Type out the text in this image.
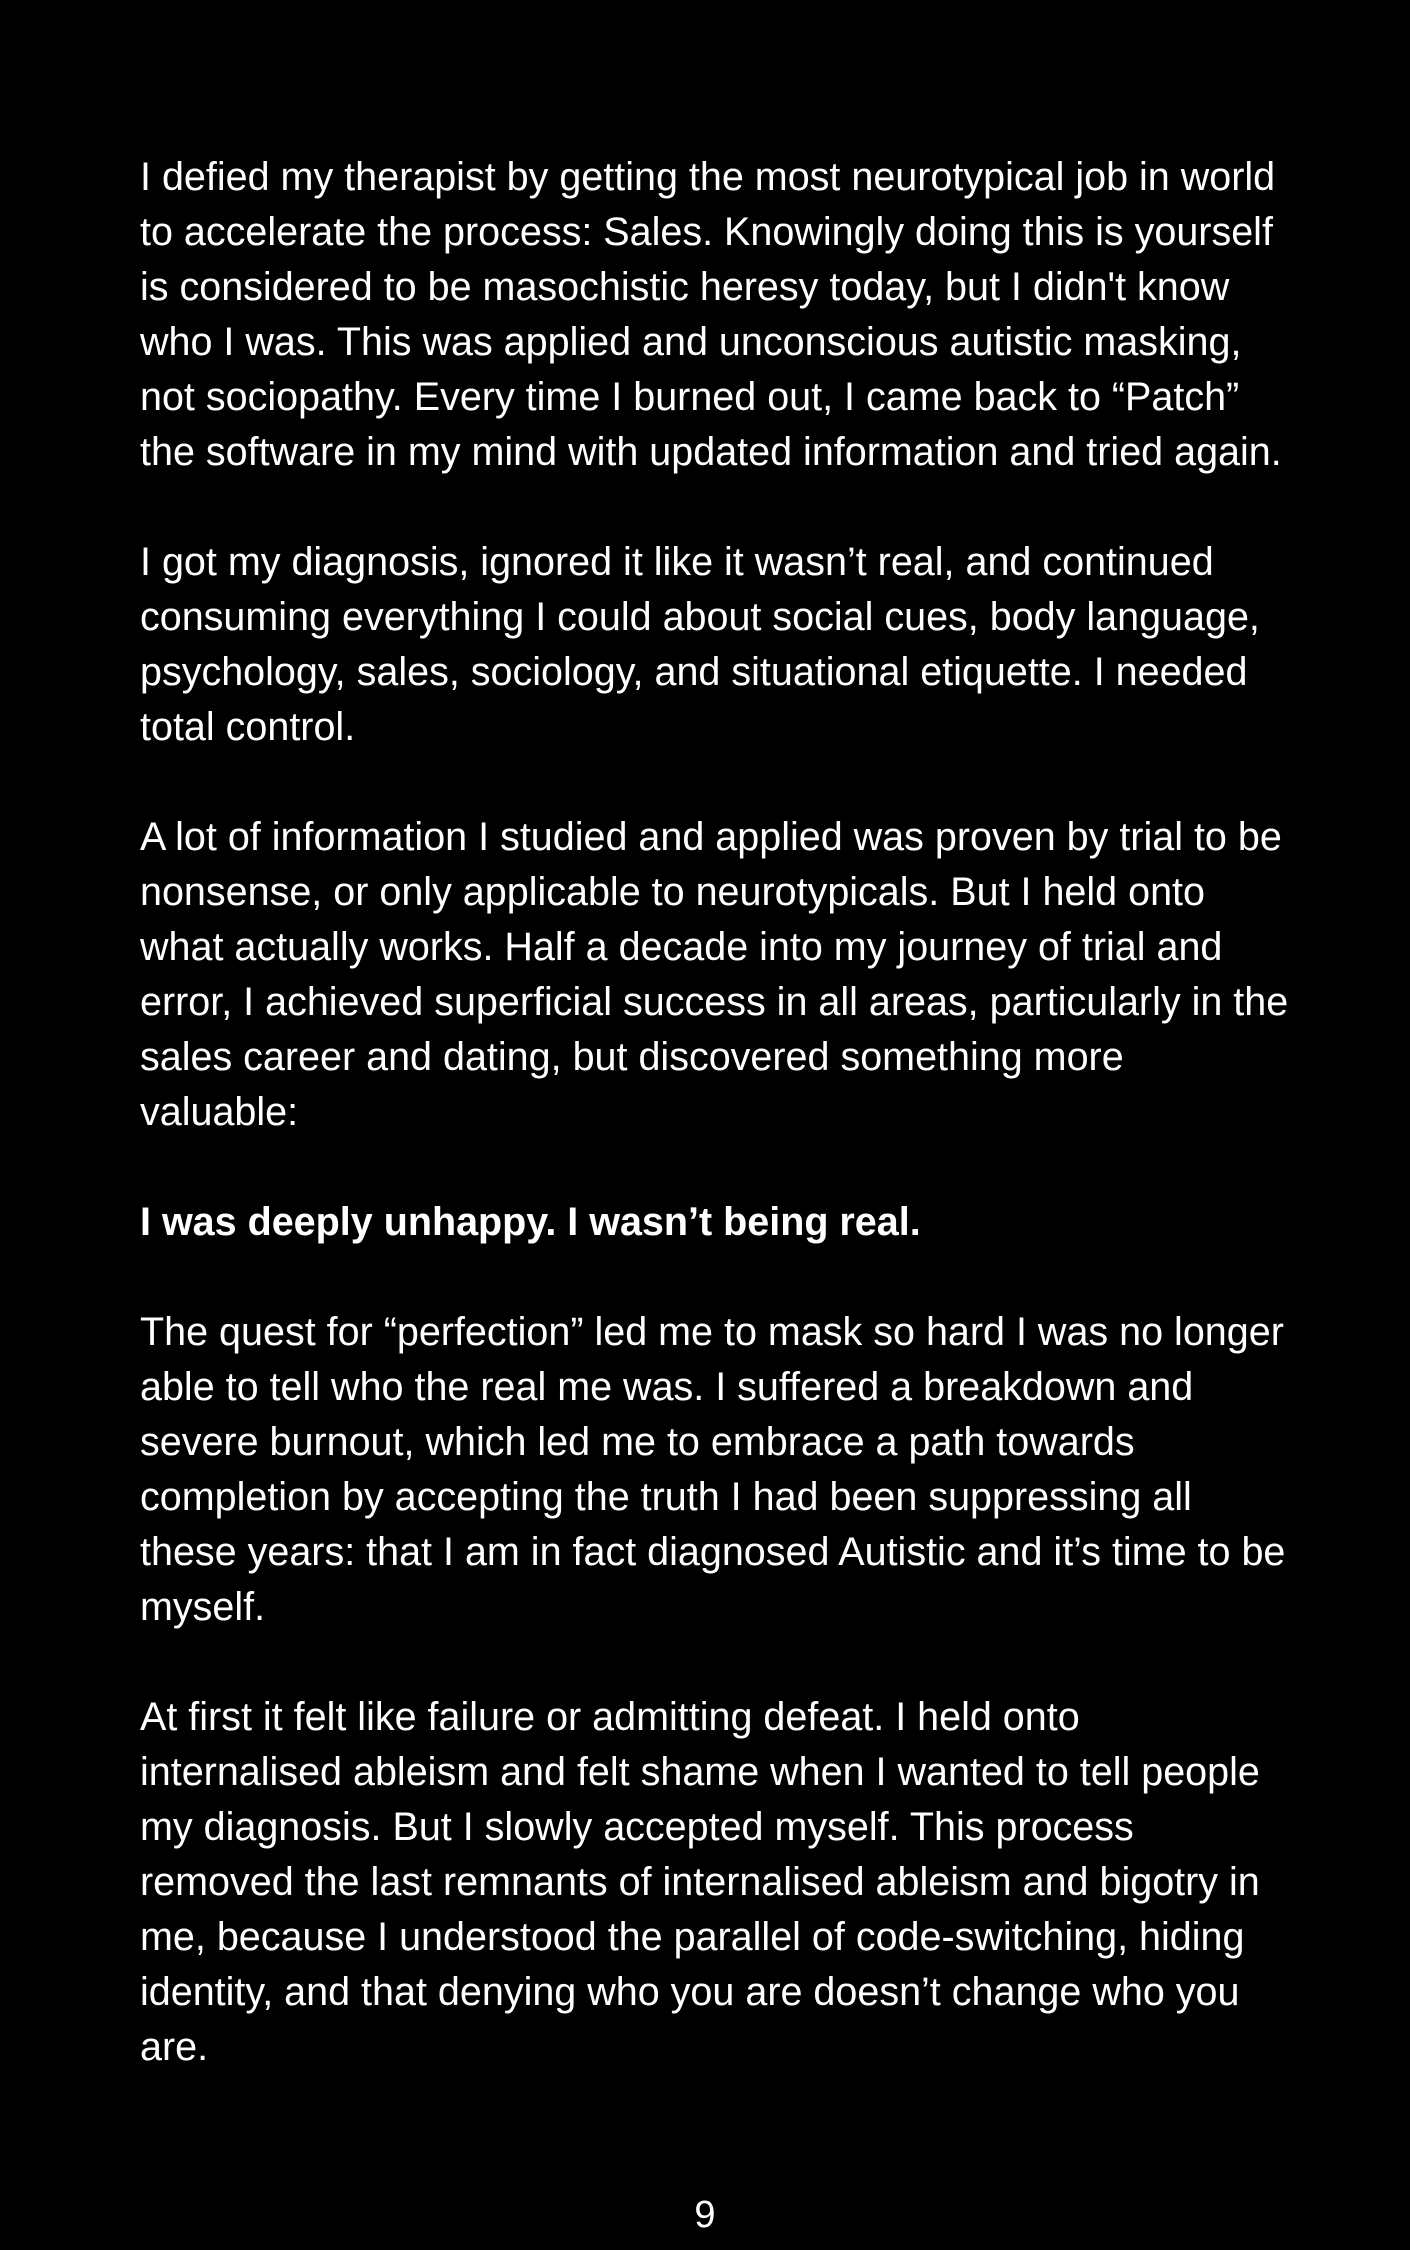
I defied my therapist by getting the most neurotypical job in world to accelerate the process: Sales. Knowingly doing this is yourself is considered to be masochistic heresy today, but I didn't know who I was. This was applied and unconscious autistic masking, not sociopathy. Every time I burned out, I came back to “Patch” the software in my mind with updated information and tried again.

I got my diagnosis, ignored it like it wasn’t real, and continued consuming everything I could about social cues, body language, psychology, sales, sociology, and situational etiquette. I needed total control.

A lot of information I studied and applied was proven by trial to be nonsense, or only applicable to neurotypicals. But I held onto what actually works. Half a decade into my journey of trial and error, I achieved superficial success in all areas, particularly in the sales career and dating, but discovered something more valuable:

I was deeply unhappy. I wasn’t being real.

The quest for “perfection” led me to mask so hard I was no longer able to tell who the real me was. I suffered a breakdown and severe burnout, which led me to embrace a path towards completion by accepting the truth I had been suppressing all these years: that I am in fact diagnosed Autistic and it’s time to be myself.

At first it felt like failure or admitting defeat. I held onto internalised ableism and felt shame when I wanted to tell people my diagnosis. But I slowly accepted myself. This process removed the last remnants of internalised ableism and bigotry in me, because I understood the parallel of code-switching, hiding identity, and that denying who you are doesn’t change who you are.

9
